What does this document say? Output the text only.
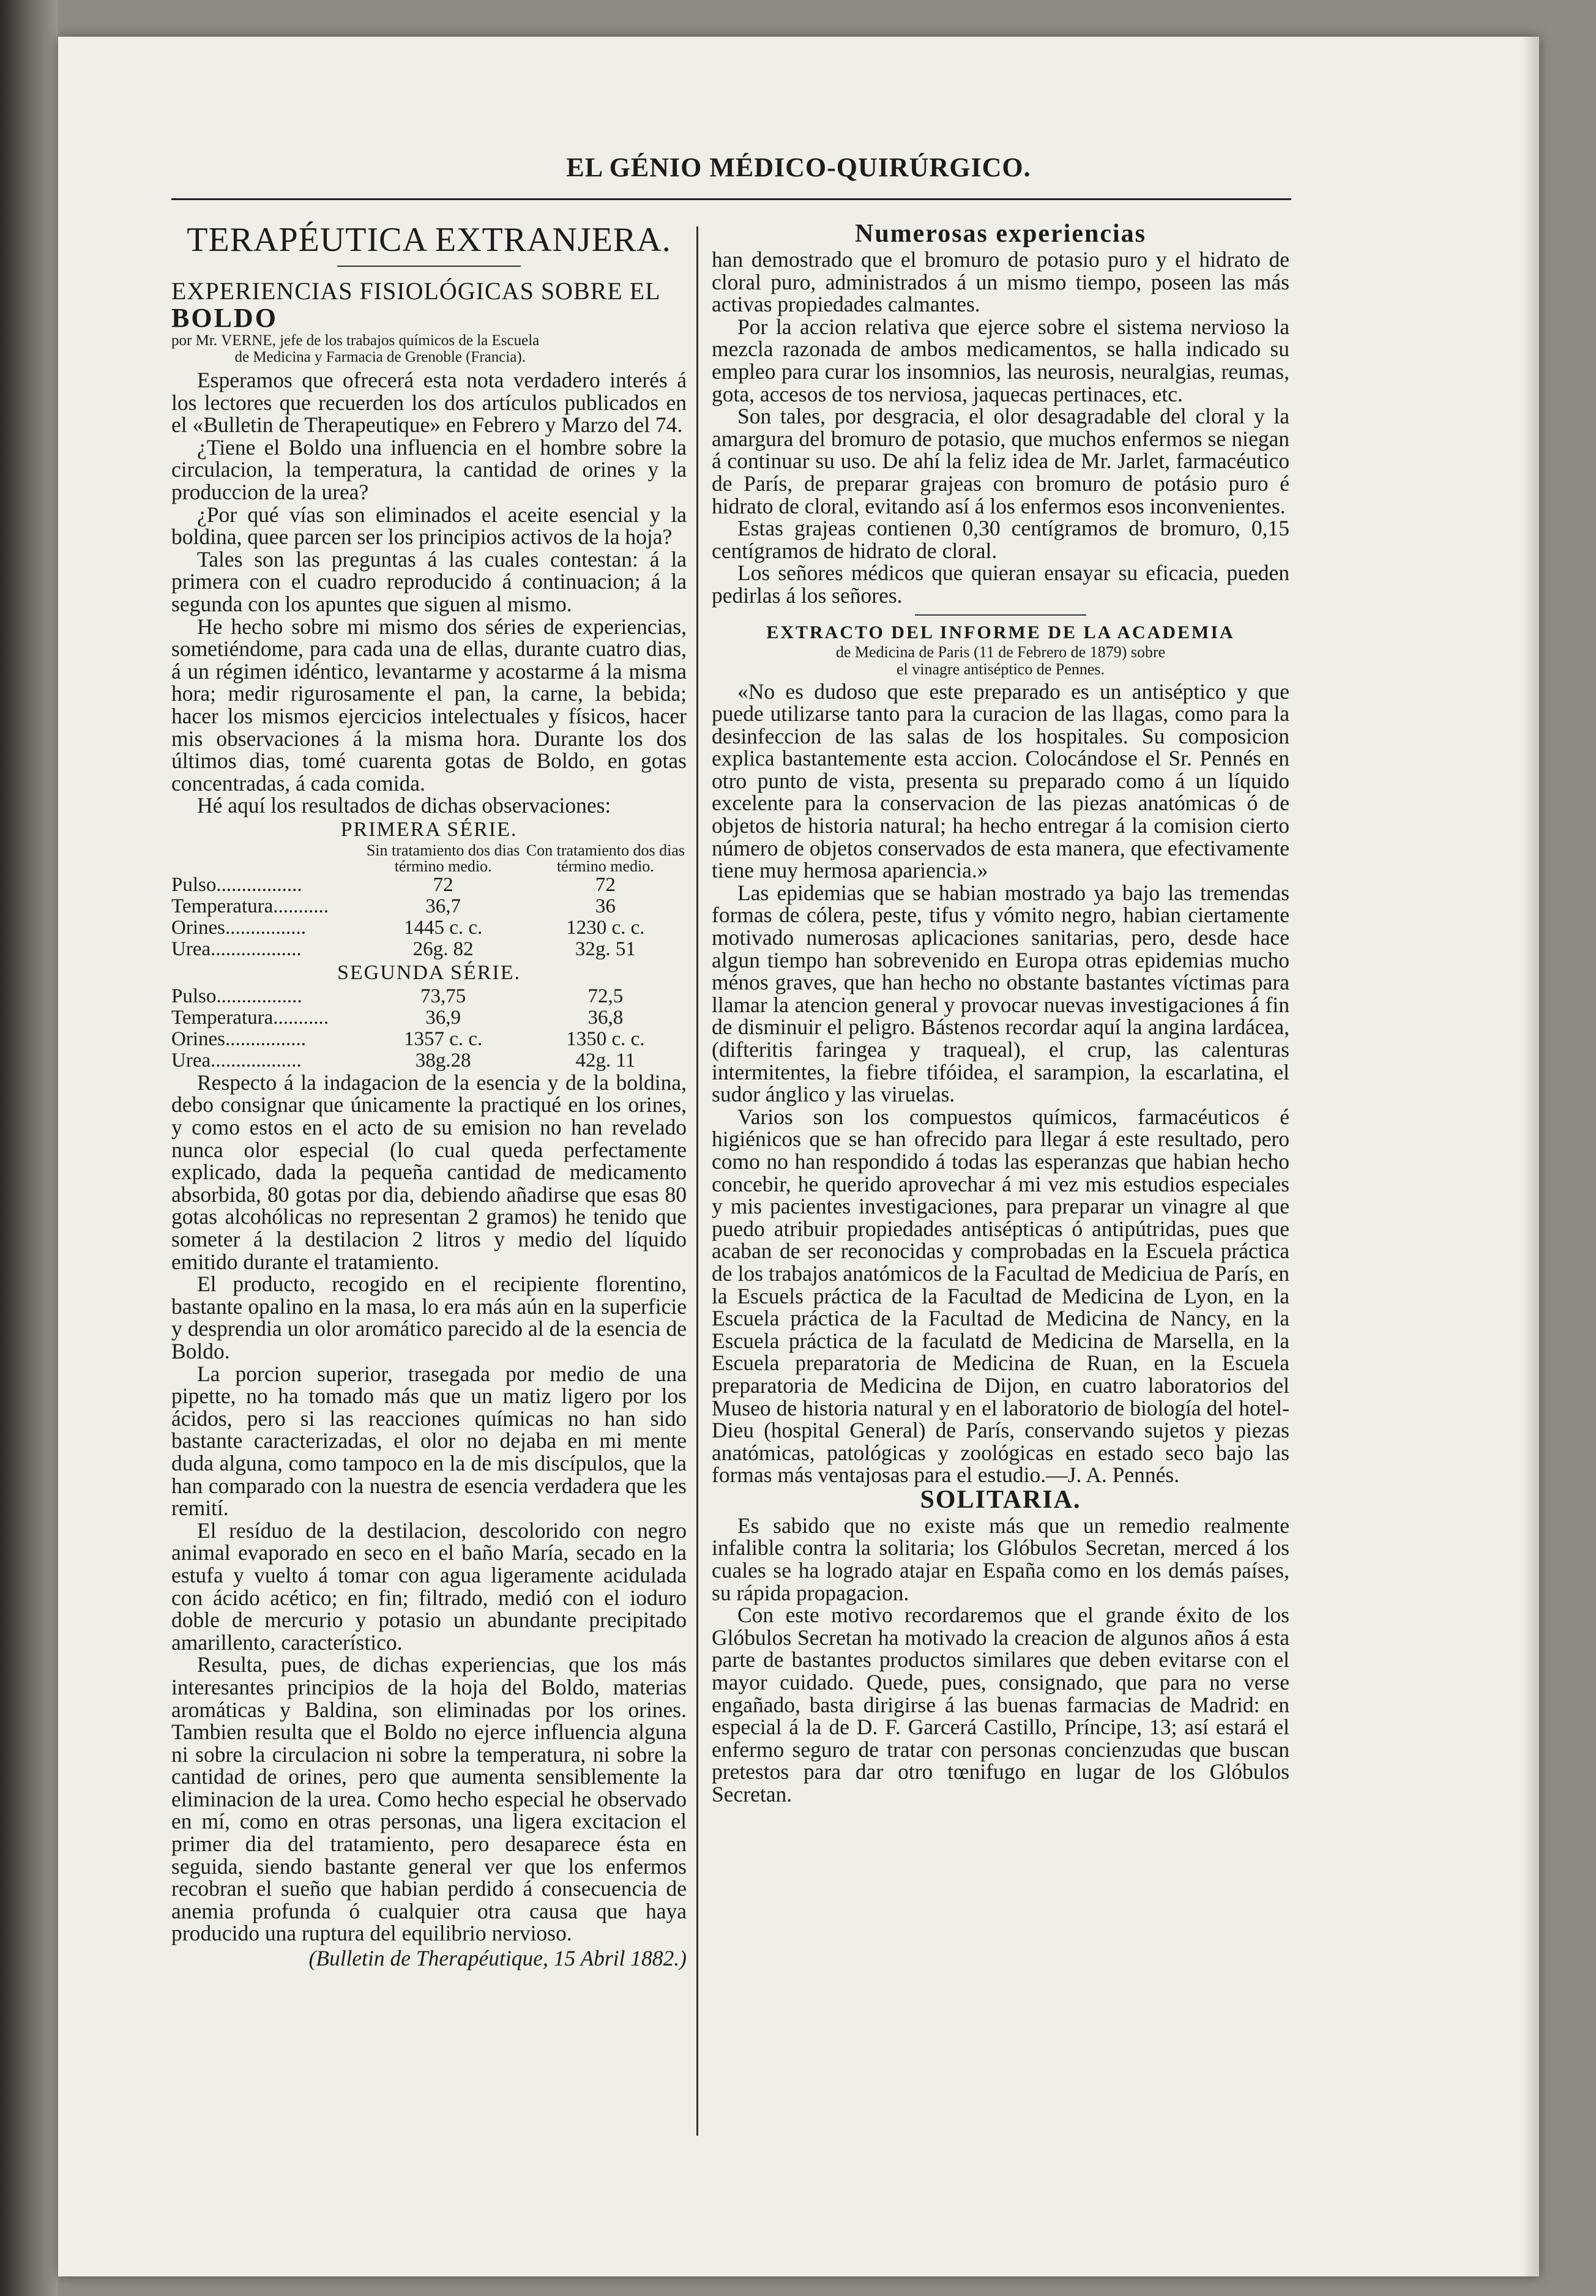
EL GÉNIO MÉDICO-QUIRÚRGICO.
TERAPÉUTICA EXTRANJERA.

EXPERIENCIAS FISIOLÓGICAS SOBRE EL BOLDO

por Mr. VERNE, jefe de los trabajos químicos de la Escuela
de Medicina y Farmacia de Grenoble (Francia).

Esperamos que ofrecerá esta nota verdadero interés á los lectores que recuerden los dos artículos publicados en el «Bulletin de Therapeutique» en Febrero y Marzo del 74.

¿Tiene el Boldo una influencia en el hombre sobre la circulacion, la temperatura, la cantidad de orines y la produccion de la urea?

¿Por qué vías son eliminados el aceite esencial y la boldina, quee parcen ser los principios activos de la hoja?

Tales son las preguntas á las cuales contestan: á la primera con el cuadro reproducido á continuacion; á la segunda con los apuntes que siguen al mismo.

He hecho sobre mi mismo dos séries de experiencias, sometiéndome, para cada una de ellas, durante cuatro dias, á un régimen idéntico, levantarme y acostarme á la misma hora; medir rigurosamente el pan, la carne, la bebida; hacer los mismos ejercicios intelectuales y físicos, hacer mis observaciones á la misma hora. Durante los dos últimos dias, tomé cuarenta gotas de Boldo, en gotas concentradas, á cada comida.

Hé aquí los resultados de dichas observaciones:

PRIMERA SÉRIE.
	Sin tratamiento dos dias término medio.	Con tratamiento dos dias término medio.
Pulso.................	72	72
Temperatura...........	36,7	36
Orines................	1445 c. c.	1230 c. c.
Urea..................	26g. 82	32g. 51
SEGUNDA SÉRIE.
Pulso.................	73,75	72,5
Temperatura...........	36,9	36,8
Orines................	1357 c. c.	1350 c. c.
Urea..................	38g.28	42g. 11

Respecto á la indagacion de la esencia y de la boldina, debo consignar que únicamente la practiqué en los orines, y como estos en el acto de su emision no han revelado nunca olor especial (lo cual queda perfectamente explicado, dada la pequeña cantidad de medicamento absorbida, 80 gotas por dia, debiendo añadirse que esas 80 gotas alcohólicas no representan 2 gramos) he tenido que someter á la destilacion 2 litros y medio del líquido emitido durante el tratamiento.

El producto, recogido en el recipiente florentino, bastante opalino en la masa, lo era más aún en la superficie y desprendia un olor aromático parecido al de la esencia de Boldo.

La porcion superior, trasegada por medio de una pipette, no ha tomado más que un matiz ligero por los ácidos, pero si las reacciones químicas no han sido bastante caracterizadas, el olor no dejaba en mi mente duda alguna, como tampoco en la de mis discípulos, que la han comparado con la nuestra de esencia verdadera que les remití.

El resíduo de la destilacion, descolorido con negro animal evaporado en seco en el baño María, secado en la estufa y vuelto á tomar con agua ligeramente acidulada con ácido acético; en fin; filtrado, medió con el ioduro doble de mercurio y potasio un abundante precipitado amarillento, característico.

Resulta, pues, de dichas experiencias, que los más interesantes principios de la hoja del Boldo, materias aromáticas y Baldina, son eliminadas por los orines. Tambien resulta que el Boldo no ejerce influencia alguna ni sobre la circulacion ni sobre la temperatura, ni sobre la cantidad de orines, pero que aumenta sensiblemente la eliminacion de la urea. Como hecho especial he observado en mí, como en otras personas, una ligera excitacion el primer dia del tratamiento, pero desaparece ésta en seguida, siendo bastante general ver que los enfermos recobran el sueño que habian perdido á consecuencia de anemia profunda ó cualquier otra causa que haya producido una ruptura del equilibrio nervioso.

(Bulletin de Therapéutique, 15 Abril 1882.)
Numerosas experiencias

han demostrado que el bromuro de potasio puro y el hidrato de cloral puro, administrados á un mismo tiempo, poseen las más activas propiedades calmantes.

Por la accion relativa que ejerce sobre el sistema nervioso la mezcla razonada de ambos medicamentos, se halla indicado su empleo para curar los insomnios, las neurosis, neuralgias, reumas, gota, accesos de tos nerviosa, jaquecas pertinaces, etc.

Son tales, por desgracia, el olor desagradable del cloral y la amargura del bromuro de potasio, que muchos enfermos se niegan á continuar su uso. De ahí la feliz idea de Mr. Jarlet, farmacéutico de París, de preparar grajeas con bromuro de potásio puro é hidrato de cloral, evitando así á los enfermos esos inconvenientes.

Estas grajeas contienen 0,30 centígramos de bromuro, 0,15 centígramos de hidrato de cloral.

Los señores médicos que quieran ensayar su eficacia, pueden pedirlas á los señores.

EXTRACTO DEL INFORME DE LA ACADEMIA
de Medicina de Paris (11 de Febrero de 1879) sobre
el vinagre antiséptico de Pennes.

«No es dudoso que este preparado es un antiséptico y que puede utilizarse tanto para la curacion de las llagas, como para la desinfeccion de las salas de los hospitales. Su composicion explica bastantemente esta accion. Colocándose el Sr. Pennés en otro punto de vista, presenta su preparado como á un líquido excelente para la conservacion de las piezas anatómicas ó de objetos de historia natural; ha hecho entregar á la comision cierto número de objetos conservados de esta manera, que efectivamente tiene muy hermosa apariencia.»

Las epidemias que se habian mostrado ya bajo las tremendas formas de cólera, peste, tifus y vómito negro, habian ciertamente motivado numerosas aplicaciones sanitarias, pero, desde hace algun tiempo han sobrevenido en Europa otras epidemias mucho ménos graves, que han hecho no obstante bastantes víctimas para llamar la atencion general y provocar nuevas investigaciones á fin de disminuir el peligro. Bástenos recordar aquí la angina lardácea, (difteritis faringea y traqueal), el crup, las calenturas intermitentes, la fiebre tifóidea, el sarampion, la escarlatina, el sudor ánglico y las viruelas.

Varios son los compuestos químicos, farmacéuticos é higiénicos que se han ofrecido para llegar á este resultado, pero como no han respondido á todas las esperanzas que habian hecho concebir, he querido aprovechar á mi vez mis estudios especiales y mis pacientes investigaciones, para preparar un vinagre al que puedo atribuir propiedades antisépticas ó antipútridas, pues que acaban de ser reconocidas y comprobadas en la Escuela práctica de los trabajos anatómicos de la Facultad de Mediciua de París, en la Escuels práctica de la Facultad de Medicina de Lyon, en la Escuela práctica de la Facultad de Medicina de Nancy, en la Escuela práctica de la faculatd de Medicina de Marsella, en la Escuela preparatoria de Medicina de Ruan, en la Escuela preparatoria de Medicina de Dijon, en cuatro laboratorios del Museo de historia natural y en el laboratorio de biología del hotel-Dieu (hospital General) de París, conservando sujetos y piezas anatómicas, patológicas y zoológicas en estado seco bajo las formas más ventajosas para el estudio.—J. A. Pennés.

SOLITARIA.

Es sabido que no existe más que un remedio realmente infalible contra la solitaria; los Glóbulos Secretan, merced á los cuales se ha logrado atajar en España como en los demás países, su rápida propagacion.

Con este motivo recordaremos que el grande éxito de los Glóbulos Secretan ha motivado la creacion de algunos años á esta parte de bastantes productos similares que deben evitarse con el mayor cuidado. Quede, pues, consignado, que para no verse engañado, basta dirigirse á las buenas farmacias de Madrid: en especial á la de D. F. Garcerá Castillo, Príncipe, 13; así estará el enfermo seguro de tratar con personas concienzudas que buscan pretestos para dar otro tœnifugo en lugar de los Glóbulos Secretan.
